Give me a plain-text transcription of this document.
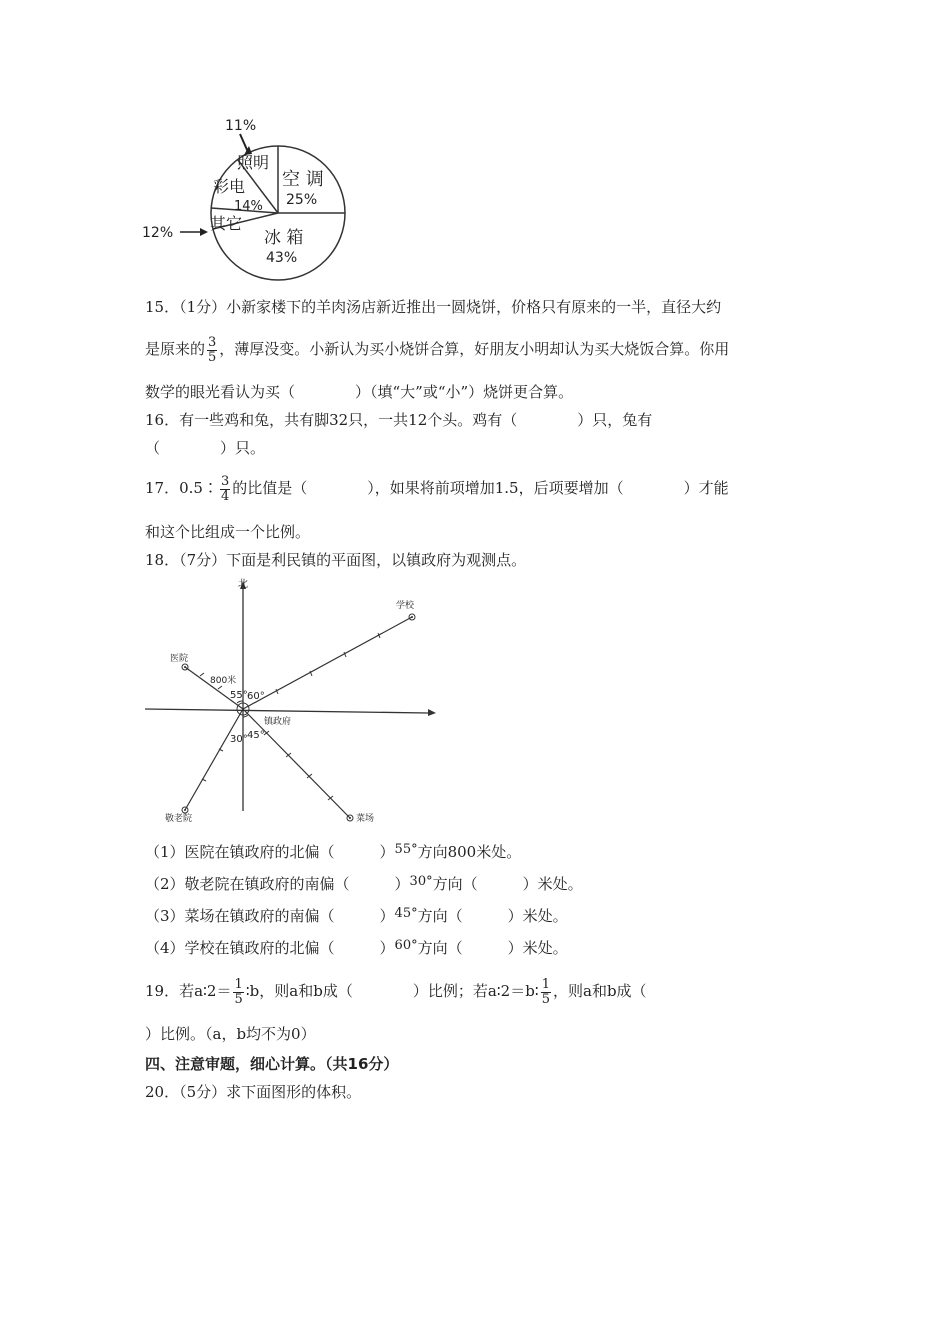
11%
12%
照明
彩电
14%
其它
空 调
25%
冰 箱
43%
15．（1分）小新家楼下的羊肉汤店新近推出一圆烧饼，价格只有原来的一半，直径大约
是原来的 $\frac{3}{5}$ ，薄厚没变。小新认为买小烧饼合算，好朋友小明却认为买大烧饭合算。你用
数学的眼光看认为买（　　　　）（填“大”或“小”）烧饼更合算。
16．有一些鸡和兔，共有脚32只，一共12个头。鸡有（　　　　）只，兔有
（　　　　）只。
17．0.5∶ $\frac{3}{4}$ 的比值是（　　　　），如果将前项增加1.5，后项要增加（　　　　）才能
和这个比组成一个比例。
18．（7分）下面是利民镇的平面图，以镇政府为观测点。
北
学校
医院
800米
55° 60°
镇政府
30° 45°
敬老院	菜场
（1）医院在镇政府的北偏（　　　）55°方向800米处。
（2）敬老院在镇政府的南偏（　　　）30°方向（　　　）米处。
（3）菜场在镇政府的南偏（　　　）45°方向（　　　）米处。
（4）学校在镇政府的北偏（　　　）60°方向（　　　）米处。
19．若a∶2＝ $\frac{1}{5}$ ∶b，则a和b成（　　　　）比例；若a∶2＝b∶ $\frac{1}{5}$ ，则a和b成（
）比例。（a，b均不为0）
四、注意审题，细心计算。（共16分）
20．（5分）求下面图形的体积。
